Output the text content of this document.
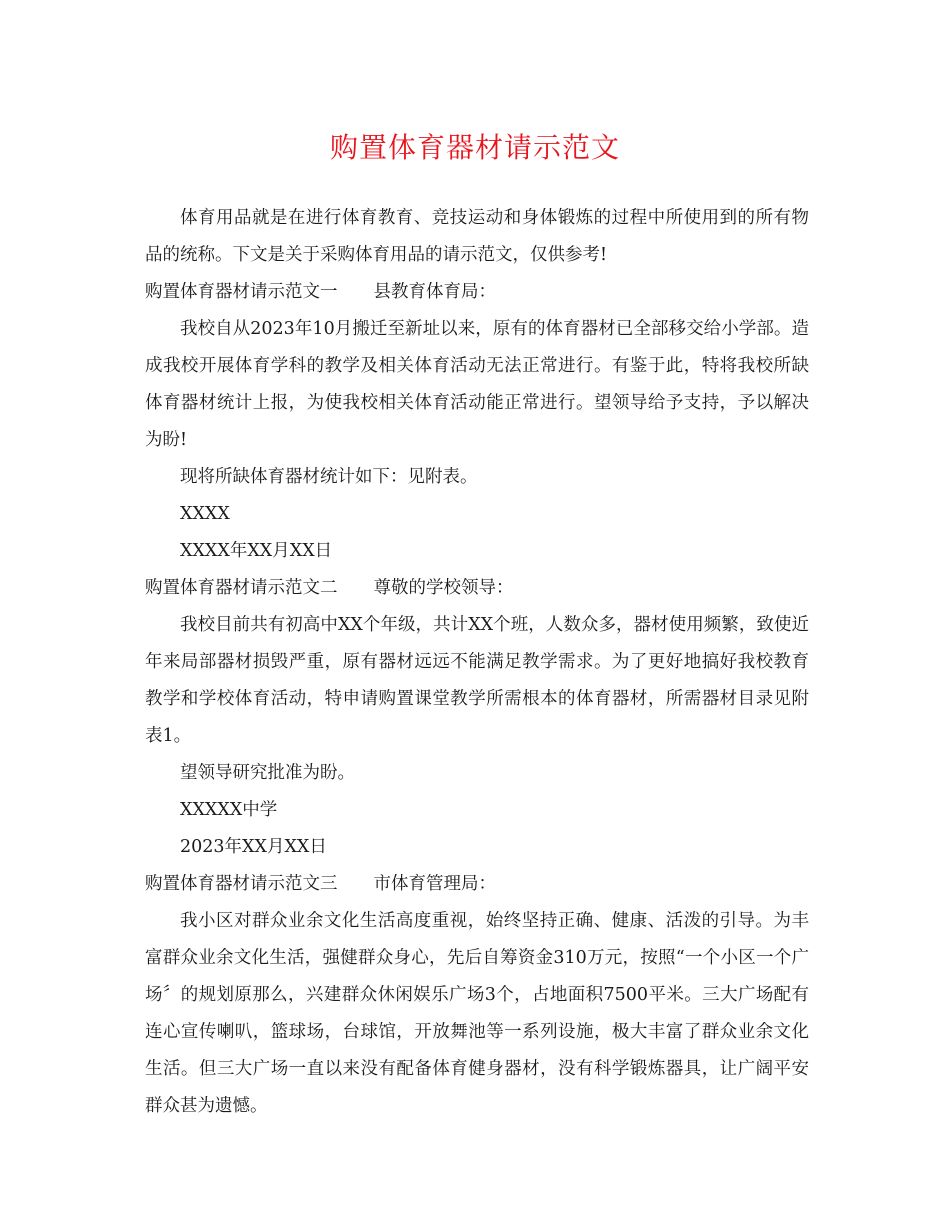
购置体育器材请示范文

体育用品就是在进行体育教育、竞技运动和身体锻炼的过程中所使用到的所有物品的统称。下文是关于采购体育用品的请示范文，仅供参考!

购置体育器材请示范文一 县教育体育局：

我校自从2023年10月搬迁至新址以来，原有的体育器材已全部移交给小学部。造成我校开展体育学科的教学及相关体育活动无法正常进行。有鉴于此，特将我校所缺体育器材统计上报，为使我校相关体育活动能正常进行。望领导给予支持，予以解决为盼!

现将所缺体育器材统计如下：见附表。

XXXX

XXXX年XX月XX日

购置体育器材请示范文二 尊敬的学校领导：

我校目前共有初高中XX个年级，共计XX个班，人数众多，器材使用频繁，致使近年来局部器材损毁严重，原有器材远远不能满足教学需求。为了更好地搞好我校教育教学和学校体育活动，特申请购置课堂教学所需根本的体育器材，所需器材目录见附表1。

望领导研究批准为盼。

XXXXX中学

2023年XX月XX日

购置体育器材请示范文三 市体育管理局：

我小区对群众业余文化生活高度重视，始终坚持正确、健康、活泼的引导。为丰富群众业余文化生活，强健群众身心，先后自筹资金310万元，按照“一个小区一个广场〞的规划原那么，兴建群众休闲娱乐广场3个，占地面积7500平米。三大广场配有连心宣传喇叭，篮球场，台球馆，开放舞池等一系列设施，极大丰富了群众业余文化生活。但三大广场一直以来没有配备体育健身器材，没有科学锻炼器具，让广阔平安群众甚为遗憾。
